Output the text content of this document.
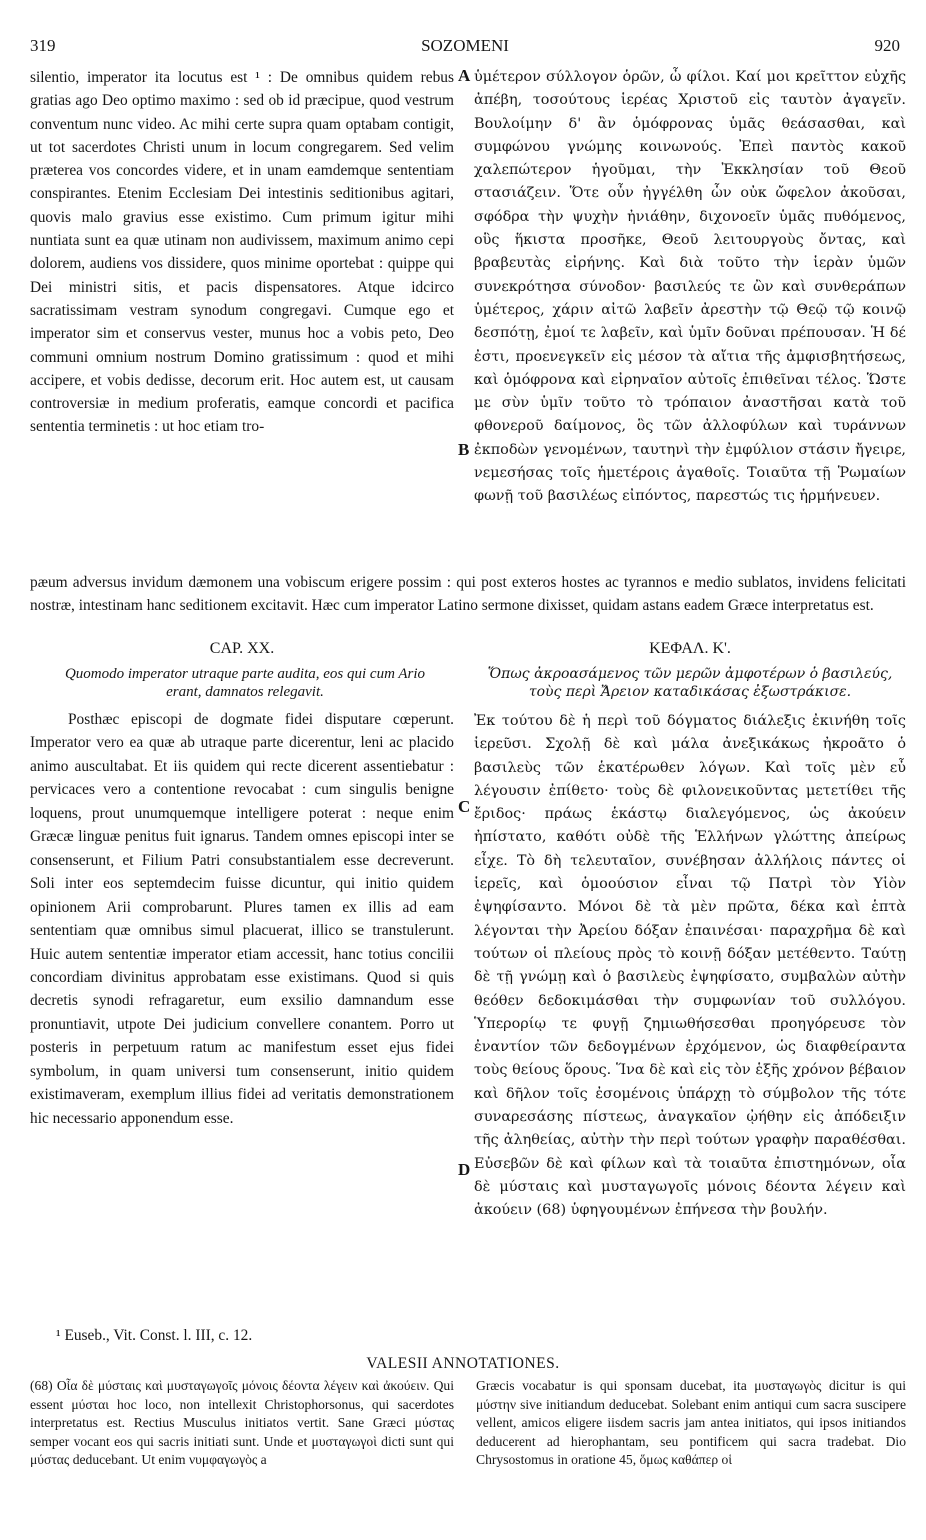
319	SOZOMENI	920

silentio, imperator ita locutus est ¹ : De omnibus quidem rebus gratias ago Deo optimo maximo : sed ob id præcipue, quod vestrum conventum nunc video. Ac mihi certe supra quam optabam contigit, ut tot sacerdotes Christi unum in locum congregarem. Sed velim præterea vos concordes videre, et in unam eamdemque sententiam conspirantes. Etenim Ecclesiam Dei intestinis seditionibus agitari, quovis malo gravius esse existimo. Cum primum igitur mihi nuntiata sunt ea quæ utinam non audivissem, maximum animo cepi dolorem, audiens vos dissidere, quos minime oportebat : quippe qui Dei ministri sitis, et pacis dispensatores. Atque idcirco sacratissimam vestram synodum congregavi. Cumque ego et imperator sim et conservus vester, munus hoc a vobis peto, Deo communi omnium nostrum Domino gratissimum : quod et mihi accipere, et vobis dedisse, decorum erit. Hoc autem est, ut causam controversiæ in medium proferatis, eamque concordi et pacifica sententia terminetis : ut hoc etiam tro-

ὑμέτερον σύλλογον ὁρῶν, ὦ φίλοι. Καί μοι κρεῖττον εὐχῆς ἀπέβη, τοσούτους ἱερέας Χριστοῦ εἰς ταυτὸν ἀγαγεῖν. Βουλοίμην δ' ἂν ὁμόφρονας ὑμᾶς θεάσασθαι, καὶ συμφώνου γνώμης κοινωνούς. Ἐπεὶ παντὸς κακοῦ χαλεπώτερον ἡγοῦμαι, τὴν Ἐκκλησίαν τοῦ Θεοῦ στασιάζειν. Ὅτε οὖν ἠγγέλθη ὧν οὐκ ὤφελον ἀκοῦσαι, σφόδρα τὴν ψυχὴν ἠνιάθην, διχονοεῖν ὑμᾶς πυθόμενος, οὓς ἥκιστα προσῆκε, Θεοῦ λειτουργοὺς ὄντας, καὶ βραβευτὰς εἰρήνης. Καὶ διὰ τοῦτο τὴν ἱερὰν ὑμῶν συνεκρότησα σύνοδον· βασιλεύς τε ὢν καὶ συνθεράπων ὑμέτερος, χάριν αἰτῶ λαβεῖν ἀρεστὴν τῷ Θεῷ τῷ κοινῷ δεσπότῃ, ἐμοί τε λαβεῖν, καὶ ὑμῖν δοῦναι πρέπουσαν. Ἡ δέ ἐστι, προενεγκεῖν εἰς μέσον τὰ αἴτια τῆς ἀμφισβητήσεως, καὶ ὁμόφρονα καὶ εἰρηναῖον αὐτοῖς ἐπιθεῖναι τέλος. Ὥστε με σὺν ὑμῖν τοῦτο τὸ τρόπαιον ἀναστῆσαι κατὰ τοῦ φθονεροῦ δαίμονος, ὃς τῶν ἀλλοφύλων καὶ τυράννων ἐκποδὼν γενομένων, ταυτηνὶ τὴν ἐμφύλιον στάσιν ἤγειρε, νεμεσήσας τοῖς ἡμετέροις ἀγαθοῖς. Τοιαῦτα τῇ Ῥωμαίων φωνῇ τοῦ βασιλέως εἰπόντος, παρεστώς τις ἡρμήνευεν.

A
B
C
D

pæum adversus invidum dæmonem una vobiscum erigere possim : qui post exteros hostes ac tyrannos e medio sublatos, invidens felicitati nostræ, intestinam hanc seditionem excitavit. Hæc cum imperator Latino sermone dixisset, quidam astans eadem Græce interpretatus est.

CAP. XX.	ΚΕΦΑΛ. Κ'.
Quomodo imperator utraque parte audita, eos qui cum Ario erant, damnatos relegavit.
Ὅπως ἀκροασάμενος τῶν μερῶν ἀμφοτέρων ὁ βασιλεύς, τοὺς περὶ Ἄρειον καταδικάσας ἐξωστράκισε.

Posthæc episcopi de dogmate fidei disputare cœperunt. Imperator vero ea quæ ab utraque parte dicerentur, leni ac placido animo auscultabat. Et iis quidem qui recte dicerent assentiebatur : pervicaces vero a contentione revocabat : cum singulis benigne loquens, prout unumquemque intelligere poterat : neque enim Græcæ linguæ penitus fuit ignarus. Tandem omnes episcopi inter se consenserunt, et Filium Patri consubstantialem esse decreverunt. Soli inter eos septemdecim fuisse dicuntur, qui initio quidem opinionem Arii comprobarunt. Plures tamen ex illis ad eam sententiam quæ omnibus simul placuerat, illico se transtulerunt. Huic autem sententiæ imperator etiam accessit, hanc totius concilii concordiam divinitus approbatam esse existimans. Quod si quis decretis synodi refragaretur, eum exsilio damnandum esse pronuntiavit, utpote Dei judicium convellere conantem. Porro ut posteris in perpetuum ratum ac manifestum esset ejus fidei symbolum, in quam universi tum consenserunt, initio quidem existimaveram, exemplum illius fidei ad veritatis demonstrationem hic necessario apponendum esse.

Ἐκ τούτου δὲ ἡ περὶ τοῦ δόγματος διάλεξις ἐκινήθη τοῖς ἱερεῦσι. Σχολῇ δὲ καὶ μάλα ἀνεξικάκως ἠκροᾶτο ὁ βασιλεὺς τῶν ἑκατέρωθεν λόγων. Καὶ τοῖς μὲν εὖ λέγουσιν ἐπίθετο· τοὺς δὲ φιλονεικοῦντας μετετίθει τῆς ἔριδος· πράως ἑκάστῳ διαλεγόμενος, ὡς ἀκούειν ἠπίστατο, καθότι οὐδὲ τῆς Ἑλλήνων γλώττης ἀπείρως εἶχε. Τὸ δὴ τελευταῖον, συνέβησαν ἀλλήλοις πάντες οἱ ἱερεῖς, καὶ ὁμοούσιον εἶναι τῷ Πατρὶ τὸν Υἱὸν ἐψηφίσαντο. Μόνοι δὲ τὰ μὲν πρῶτα, δέκα καὶ ἑπτὰ λέγονται τὴν Ἀρείου δόξαν ἐπαινέσαι· παραχρῆμα δὲ καὶ τούτων οἱ πλείους πρὸς τὸ κοινῇ δόξαν μετέθεντο. Ταύτῃ δὲ τῇ γνώμῃ καὶ ὁ βασιλεὺς ἐψηφίσατο, συμβαλὼν αὐτὴν θεόθεν δεδοκιμάσθαι τὴν συμφωνίαν τοῦ συλλόγου. Ὑπερορίῳ τε φυγῇ ζημιωθήσεσθαι προηγόρευσε τὸν ἐναντίον τῶν δεδογμένων ἐρχόμενον, ὡς διαφθείραντα τοὺς θείους ὅρους. Ἵνα δὲ καὶ εἰς τὸν ἑξῆς χρόνον βέβαιον καὶ δῆλον τοῖς ἐσομένοις ὑπάρχῃ τὸ σύμβολον τῆς τότε συναρεσάσης πίστεως, ἀναγκαῖον ᾠήθην εἰς ἀπόδειξιν τῆς ἀληθείας, αὐτὴν τὴν περὶ τούτων γραφὴν παραθέσθαι. Εὐσεβῶν δὲ καὶ φίλων καὶ τὰ τοιαῦτα ἐπιστημόνων, οἷα δὲ μύσταις καὶ μυσταγωγοῖς μόνοις δέοντα λέγειν καὶ ἀκούειν (68) ὑφηγουμένων ἐπήνεσα τὴν βουλήν.

¹ Euseb., Vit. Const. l. III, c. 12.
VALESII ANNOTATIONES.
(68) Οἷα δὲ μύσταις καὶ μυσταγωγοῖς μόνοις δέοντα λέγειν καὶ ἀκούειν. Qui essent μύσται hoc loco, non intellexit Christophorsonus, qui sacerdotes interpretatus est. Rectius Musculus initiatos vertit. Sane Græci μύστας semper vocant eos qui sacris initiati sunt. Unde et μυσταγωγοὶ dicti sunt qui μύστας deducebant. Ut enim νυμφαγωγὸς a
Græcis vocabatur is qui sponsam ducebat, ita μυσταγωγὸς dicitur is qui μύστην sive initiandum deducebat. Solebant enim antiqui cum sacra suscipere vellent, amicos eligere iisdem sacris jam antea initiatos, qui ipsos initiandos deducerent ad hierophantam, seu pontificem qui sacra tradebat. Dio Chrysostomus in oratione 45, ὅμως καθάπερ οἱ
